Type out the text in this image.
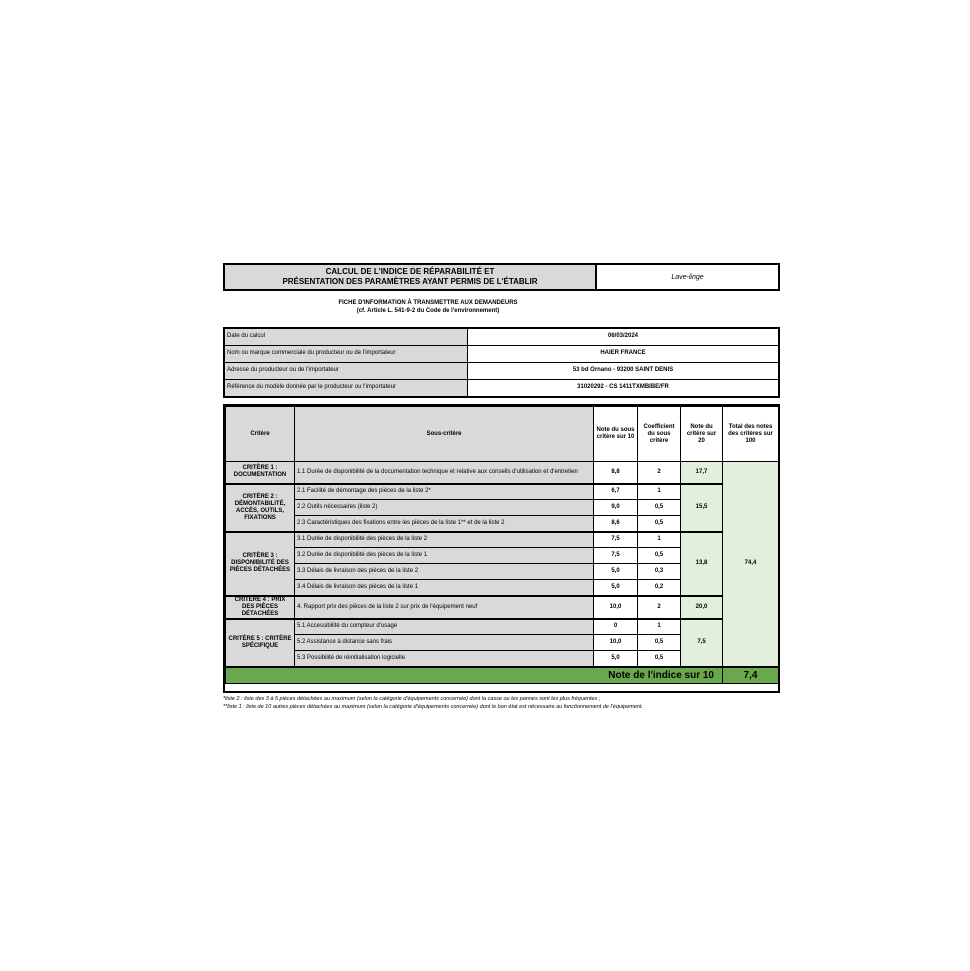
CALCUL DE L'INDICE DE RÉPARABILITÉ ET
PRÉSENTATION DES PARAMÈTRES AYANT PERMIS DE L'ÉTABLIR	Lave-linge
FICHE D'INFORMATION À TRANSMETTRE AUX DEMANDEURS
(cf. Article L. 541-9-2 du Code de l'environnement)
Date du calcul	06/03/2024
Nom ou marque commerciale du producteur ou de l'importateur	HAIER FRANCE
Adresse du producteur ou de l'importateur	53 bd Ornano - 93200 SAINT DENIS
Référence du modèle donnée par le producteur ou l'importateur	31020292 - CS 1411TXMBIBE/FR
Critère	Sous-critère	Note du sous critère sur 10	Coefficient du sous critère	Note du critère sur 20	Total des notes des critères sur 100
CRITÈRE 1 : DOCUMENTATION	1.1 Durée de disponibilité de la documentation technique et relative aux conseils d'utilisation et d'entretien	8,8	2	17,7	74,4
CRITÈRE 2 : DÉMONTABILITÉ, ACCÈS, OUTILS, FIXATIONS	2.1 Facilité de démontage des pièces de la liste 2*	6,7	1	15,5	
	2.2 Outils nécessaires (liste 2)	9,0	0,5		
	2.3 Caractéristiques des fixations entre les pièces de la liste 1** et de la liste 2	8,6	0,5		
CRITÈRE 3 : DISPONIBILITÉ DES PIÈCES DÉTACHÉES	3.1 Durée de disponibilité des pièces de la liste 2	7,5	1	13,8	
	3.2 Durée de disponibilité des pièces de la liste 1	7,5	0,5		
	3.3 Délais de livraison des pièces de la liste 2	5,0	0,3		
	3.4 Délais de livraison des pièces de la liste 1	5,0	0,2		
CRITÈRE 4 : PRIX DES PIÈCES DÉTACHÉES	4. Rapport prix des pièces de la liste 2 sur prix de l'équipement neuf	10,0	2	20,0	
CRITÈRE 5 : CRITÈRE SPÉCIFIQUE	5.1 Accessibilité du compteur d'usage	0	1	7,5	
	5.2 Assistance à distance sans frais	10,0	0,5		
	5.3 Possibilité de réinitialisation logicielle	5,0	0,5		
Note de l'indice sur 10					7,4
*liste 2 : liste des 3 à 5 pièces détachées au maximum (selon la catégorie d'équipements concernée) dont la casse ou les pannes sont les plus fréquentes ;
**liste 1 : liste de 10 autres pièces détachées au maximum (selon la catégorie d'équipements concernée) dont le bon état est nécessaire au fonctionnement de l'équipement.
